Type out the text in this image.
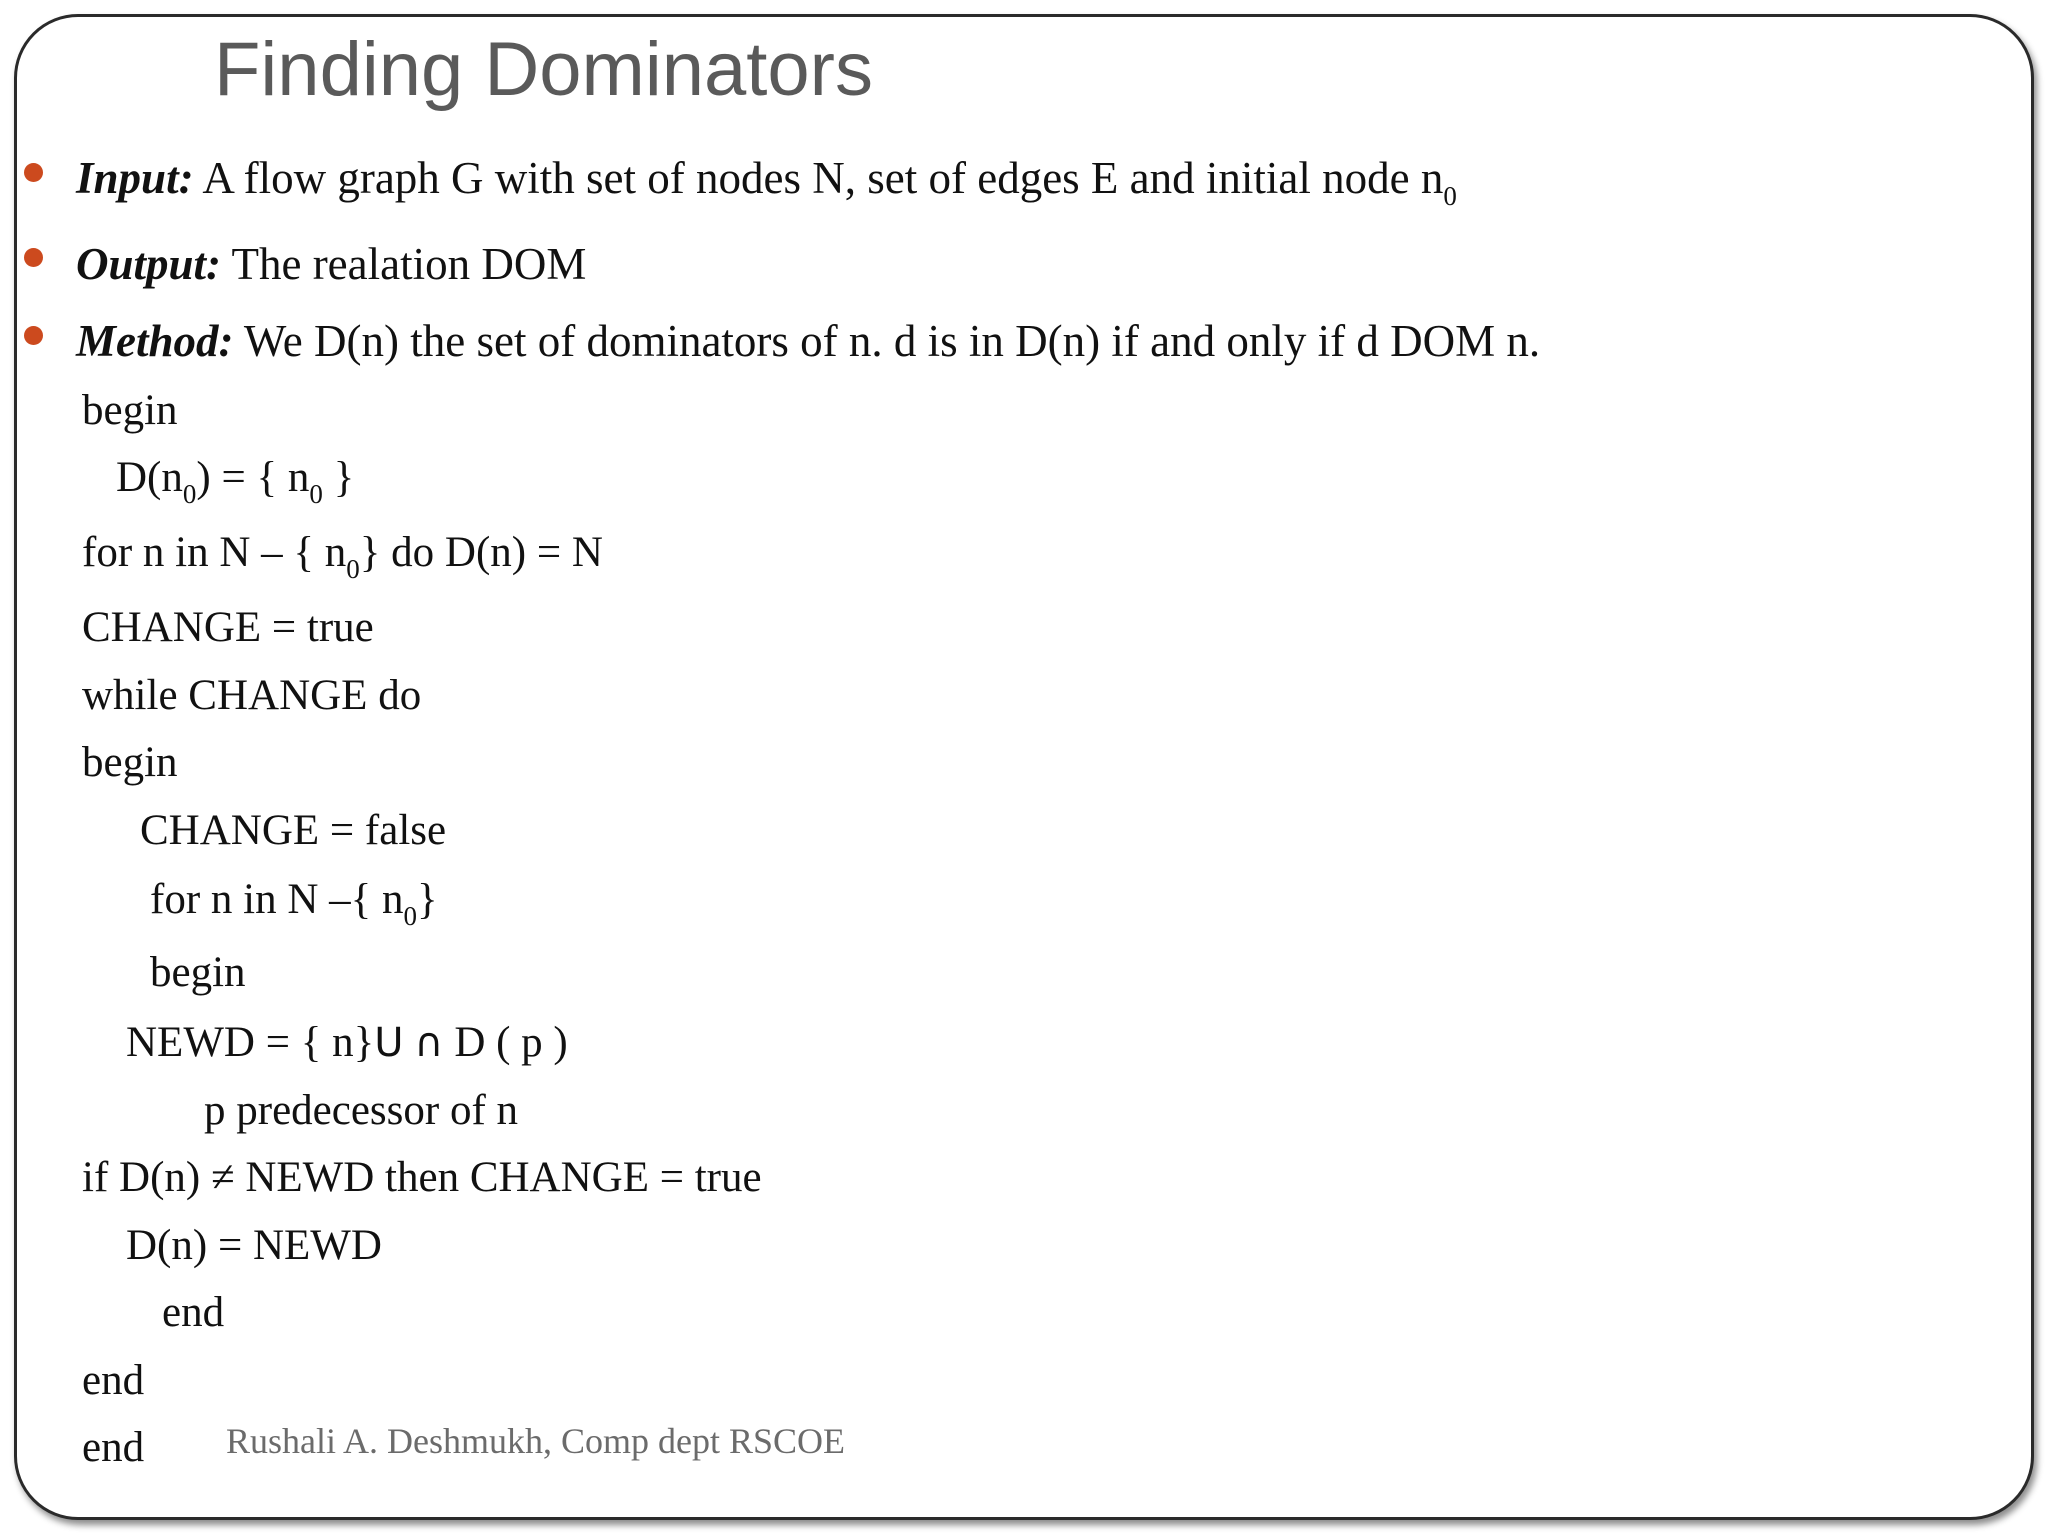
Finding Dominators
Input: A flow graph G with set of nodes N, set of edges E and initial node $n_0$
Output: The realation DOM
Method: We D(n) the set of dominators of n. d is in D(n) if and only if d DOM n.
begin
$D(n_0)$ = { $n_0$ }
for n in N – { $n_0$} do D(n) = N
CHANGE = true
while CHANGE do
begin
CHANGE = false
for n in N –{ $n_0$}
begin
NEWD = { n}U ∩ D ( p )
p predecessor of n
if D(n) ≠ NEWD then CHANGE = true
D(n) = NEWD
end
end
end Rushali A. Deshmukh, Comp dept RSCOE
